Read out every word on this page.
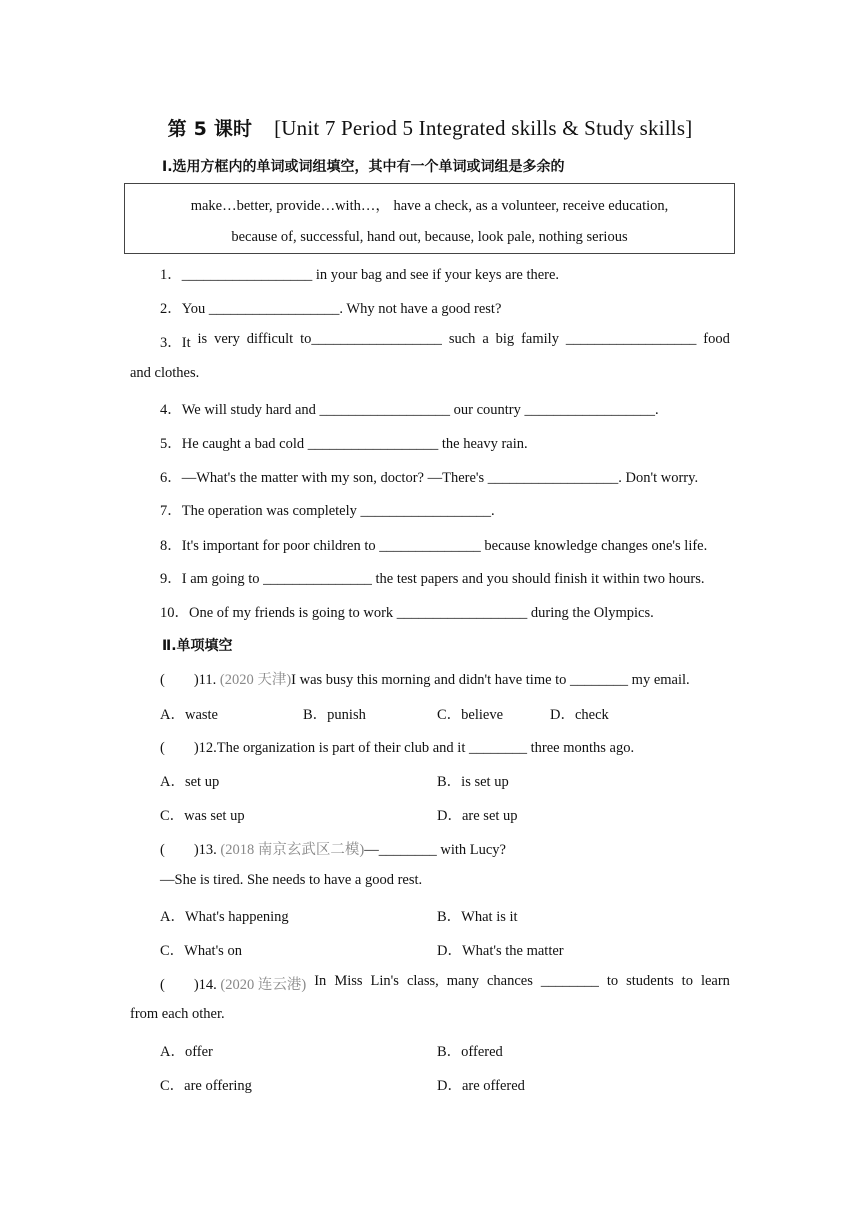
第 5 课时 [Unit 7 Period 5 Integrated skills & Study skills]
Ⅰ.选用方框内的单词或词组填空，其中有一个单词或词组是多余的
make…better, provide…with…， have a check, as a volunteer, receive education,
because of, successful, hand out, because, look pale, nothing serious
1．__________________ in your bag and see if your keys are there.
2．You __________________. Why not have a good rest?
3．It is very difficult to__________________ such a big family __________________ food
and clothes.
4．We will study hard and __________________ our country __________________.
5．He caught a bad cold __________________ the heavy rain.
6．—What's the matter with my son, doctor? —There's __________________. Don't worry.
7．The operation was completely __________________.
8．It's important for poor children to ______________ because knowledge changes one's life.
9．I am going to _______________ the test papers and you should finish it within two hours.
10．One of my friends is going to work __________________ during the Olympics.
Ⅱ.单项填空
(　　)11. (2020 天津)I was busy this morning and didn't have time to ________ my email.
A．waste	B．punish	C．believe	D．check
(　　)12.The organization is part of their club and it ________ three months ago.
A．set up	B．is set up
C．was set up	D．are set up
(　　)13. (2018 南京玄武区二模)—________ with Lucy?
—She is tired. She needs to have a good rest.
A．What's happening	B．What is it
C．What's on	D．What's the matter
(　　)14. (2020 连云港) In Miss Lin's class, many chances ________ to students to learn
from each other.
A．offer	B．offered
C．are offering	D．are offered
